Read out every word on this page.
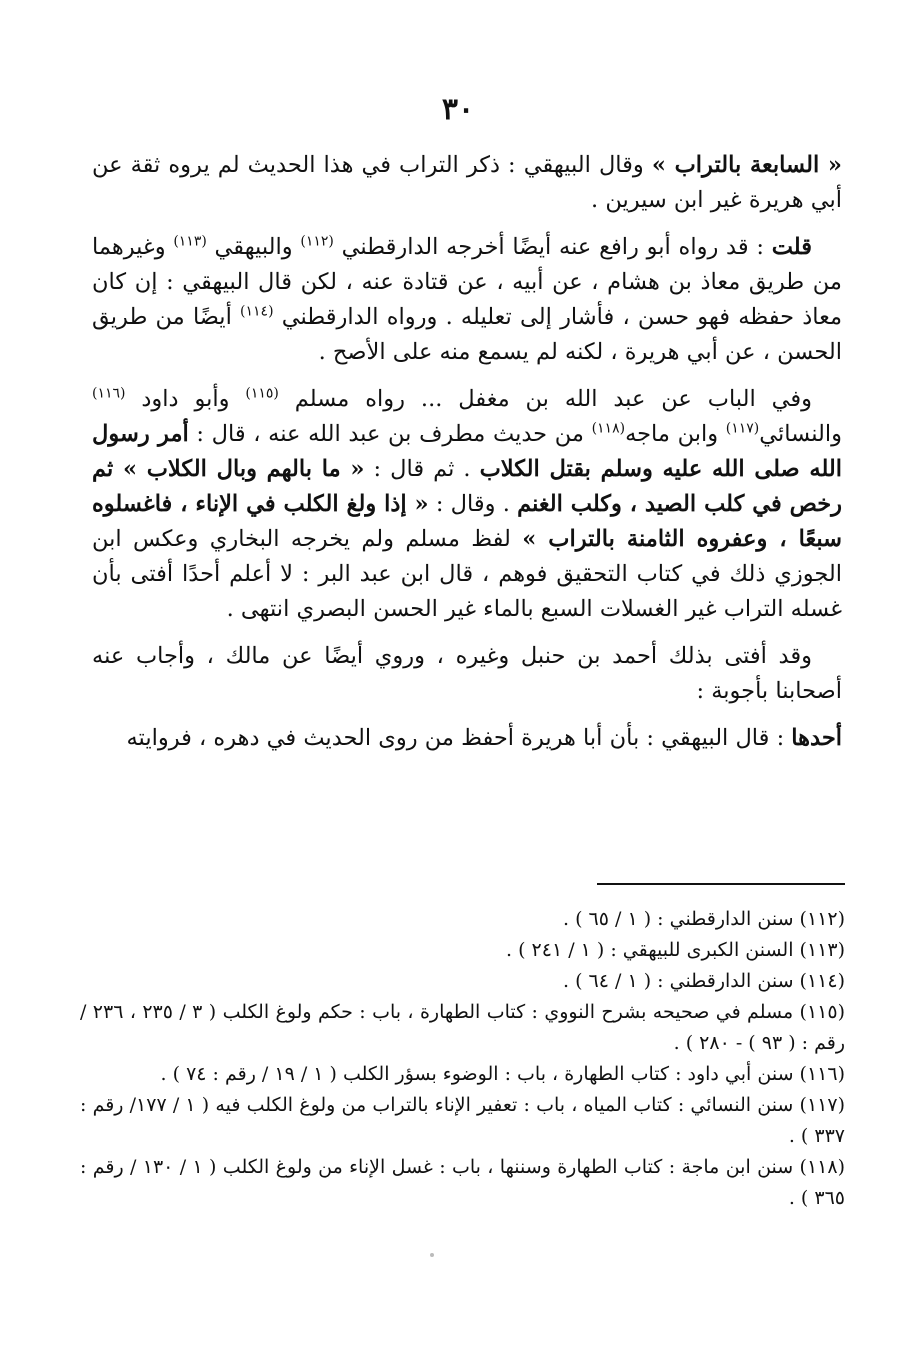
٣٠

« السابعة بالتراب » وقال البيهقي : ذكر التراب في هذا الحديث لم يروه ثقة عن أبي هريرة غير ابن سيرين .

قلت : قد رواه أبو رافع عنه أيضًا أخرجه الدارقطني $^{(١١٢)}$ والبيهقي $^{(١١٣)}$ وغيرهما من طريق معاذ بن هشام ، عن أبيه ، عن قتادة عنه ، لكن قال البيهقي : إن كان معاذ حفظه فهو حسن ، فأشار إلى تعليله . ورواه الدارقطني $^{(١١٤)}$ أيضًا من طريق الحسن ، عن أبي هريرة ، لكنه لم يسمع منه على الأصح .

وفي الباب عن عبد الله بن مغفل ... رواه مسلم $^{(١١٥)}$ وأبو داود $^{(١١٦)}$ والنسائي$^{(١١٧)}$ وابن ماجه$^{(١١٨)}$ من حديث مطرف بن عبد الله عنه ، قال : أمر رسول الله صلى الله عليه وسلم بقتل الكلاب . ثم قال : « ما بالهم وبال الكلاب » ثم رخص في كلب الصيد ، وكلب الغنم . وقال : « إذا ولغ الكلب في الإناء ، فاغسلوه سبعًا ، وعفروه الثامنة بالتراب » لفظ مسلم ولم يخرجه البخاري وعكس ابن الجوزي ذلك في كتاب التحقيق فوهم ، قال ابن عبد البر : لا أعلم أحدًا أفتى بأن غسله التراب غير الغسلات السبع بالماء غير الحسن البصري انتهى .

وقد أفتى بذلك أحمد بن حنبل وغيره ، وروي أيضًا عن مالك ، وأجاب عنه أصحابنا بأجوبة :

أحدها : قال البيهقي : بأن أبا هريرة أحفظ من روى الحديث في دهره ، فروايته

(١١٢) سنن الدارقطني : ( ١ / ٦٥ ) .

(١١٣) السنن الكبرى للبيهقي : ( ١ / ٢٤١ ) .

(١١٤) سنن الدارقطني : ( ١ / ٦٤ ) .

(١١٥) مسلم في صحيحه بشرح النووي : كتاب الطهارة ، باب : حكم ولوغ الكلب ( ٣ / ٢٣٥ ، ٢٣٦ / رقم : ( ٩٣ ) - ٢٨٠ ) .

(١١٦) سنن أبي داود : كتاب الطهارة ، باب : الوضوء بسؤر الكلب ( ١ / ١٩ / رقم : ٧٤ ) .

(١١٧) سنن النسائي : كتاب المياه ، باب : تعفير الإناء بالتراب من ولوغ الكلب فيه ( ١ / ١٧٧/ رقم : ٣٣٧ ) .

(١١٨) سنن ابن ماجة : كتاب الطهارة وسننها ، باب : غسل الإناء من ولوغ الكلب ( ١ / ١٣٠ / رقم : ٣٦٥ ) .
